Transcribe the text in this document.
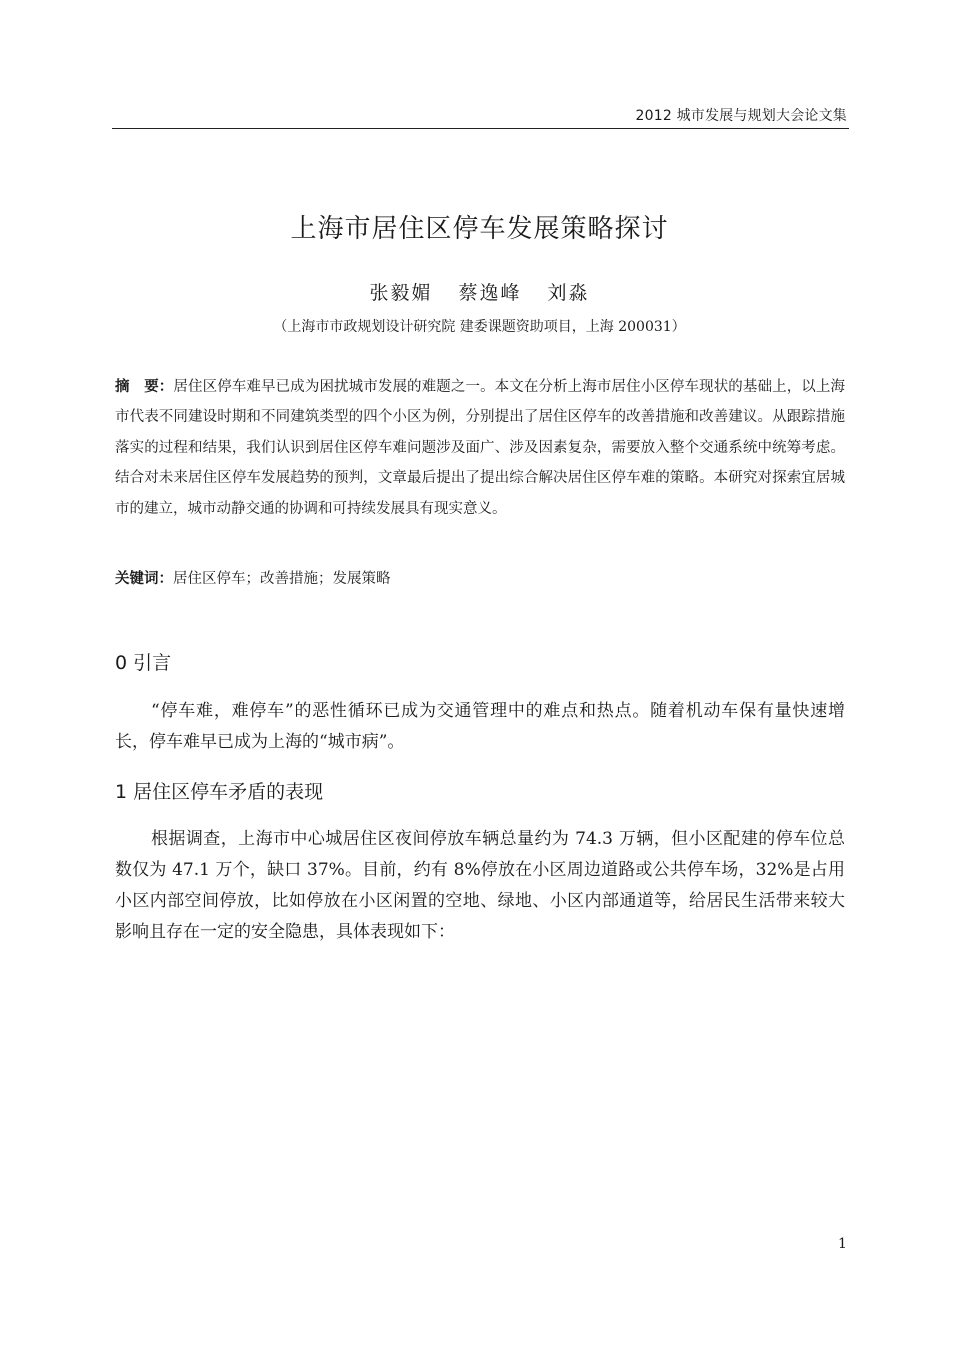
2012 城市发展与规划大会论文集
上海市居住区停车发展策略探讨
张毅媚 蔡逸峰 刘淼
（上海市市政规划设计研究院 建委课题资助项目，上海 200031）
摘　要：居住区停车难早已成为困扰城市发展的难题之一。本文在分析上海市居住小区停车现状的基础上，以上海市代表不同建设时期和不同建筑类型的四个小区为例，分别提出了居住区停车的改善措施和改善建议。从跟踪措施落实的过程和结果，我们认识到居住区停车难问题涉及面广、涉及因素复杂，需要放入整个交通系统中统筹考虑。结合对未来居住区停车发展趋势的预判，文章最后提出了提出综合解决居住区停车难的策略。本研究对探索宜居城市的建立，城市动静交通的协调和可持续发展具有现实意义。
关键词：居住区停车；改善措施；发展策略
0 引言
“停车难，难停车”的恶性循环已成为交通管理中的难点和热点。随着机动车保有量快速增长，停车难早已成为上海的“城市病”。
1 居住区停车矛盾的表现
根据调查，上海市中心城居住区夜间停放车辆总量约为 74.3 万辆，但小区配建的停车位总数仅为 47.1 万个，缺口 37%。目前，约有 8%停放在小区周边道路或公共停车场，32%是占用小区内部空间停放，比如停放在小区闲置的空地、绿地、小区内部通道等，给居民生活带来较大影响且存在一定的安全隐患，具体表现如下：
1
